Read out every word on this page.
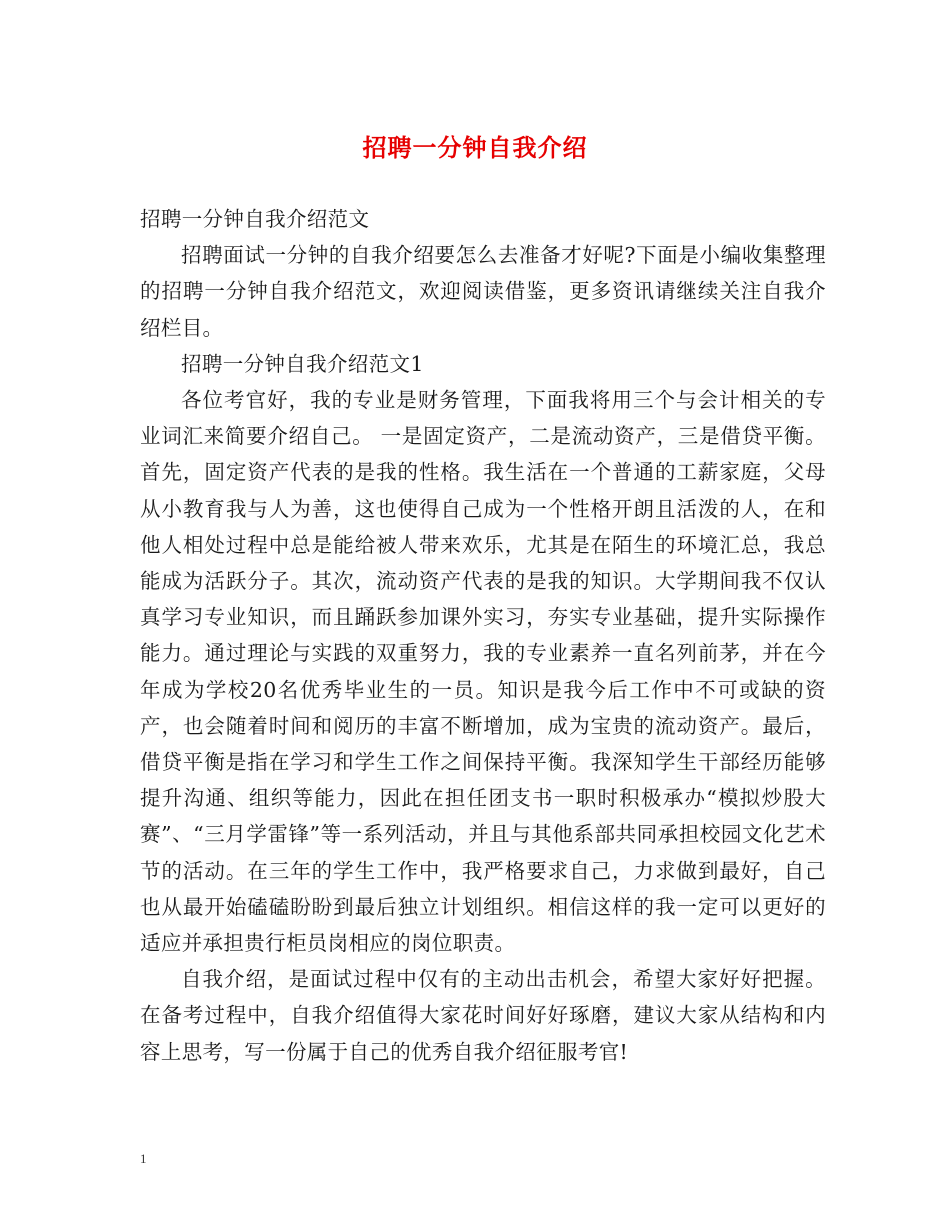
招聘一分钟自我介绍

招聘一分钟自我介绍范文

招聘面试一分钟的自我介绍要怎么去准备才好呢?下面是小编收集整理的招聘一分钟自我介绍范文，欢迎阅读借鉴，更多资讯请继续关注自我介绍栏目。

招聘一分钟自我介绍范文1

各位考官好，我的专业是财务管理，下面我将用三个与会计相关的专业词汇来简要介绍自己。 一是固定资产，二是流动资产，三是借贷平衡。首先，固定资产代表的是我的性格。我生活在一个普通的工薪家庭，父母从小教育我与人为善，这也使得自己成为一个性格开朗且活泼的人，在和他人相处过程中总是能给被人带来欢乐，尤其是在陌生的环境汇总，我总能成为活跃分子。其次，流动资产代表的是我的知识。大学期间我不仅认真学习专业知识，而且踊跃参加课外实习，夯实专业基础，提升实际操作能力。通过理论与实践的双重努力，我的专业素养一直名列前茅，并在今年成为学校20名优秀毕业生的一员。知识是我今后工作中不可或缺的资产，也会随着时间和阅历的丰富不断增加，成为宝贵的流动资产。最后，借贷平衡是指在学习和学生工作之间保持平衡。我深知学生干部经历能够提升沟通、组织等能力，因此在担任团支书一职时积极承办“模拟炒股大赛”、“三月学雷锋”等一系列活动，并且与其他系部共同承担校园文化艺术节的活动。在三年的学生工作中，我严格要求自己，力求做到最好，自己也从最开始磕磕盼盼到最后独立计划组织。相信这样的我一定可以更好的适应并承担贵行柜员岗相应的岗位职责。

自我介绍，是面试过程中仅有的主动出击机会，希望大家好好把握。在备考过程中，自我介绍值得大家花时间好好琢磨，建议大家从结构和内容上思考，写一份属于自己的优秀自我介绍征服考官!

1
